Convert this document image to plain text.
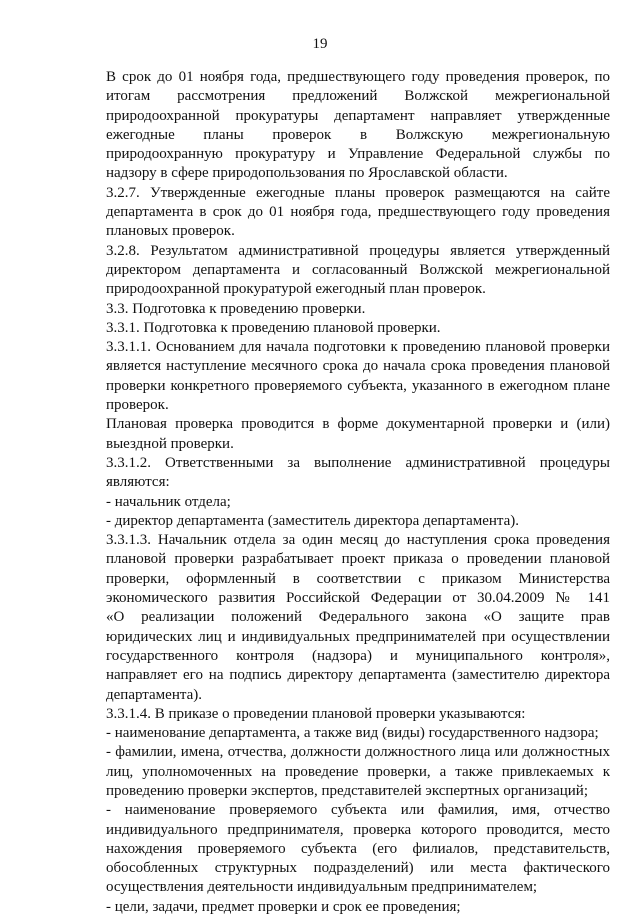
19
В срок до 01 ноября года, предшествующего году проведения проверок, по
итогам рассмотрения предложений Волжской межрегиональной
природоохранной прокуратуры департамент направляет утвержденные
ежегодные планы проверок в Волжскую межрегиональную
природоохранную прокуратуру и Управление Федеральной службы по
надзору в сфере природопользования по Ярославской области.
3.2.7. Утвержденные ежегодные планы проверок размещаются на сайте
департамента в срок до 01 ноября года, предшествующего году проведения
плановых проверок.
3.2.8. Результатом административной процедуры является утвержденный
директором департамента и согласованный Волжской межрегиональной
природоохранной прокуратурой ежегодный план проверок.
3.3. Подготовка к проведению проверки.
3.3.1. Подготовка к проведению плановой проверки.
3.3.1.1. Основанием для начала подготовки к проведению плановой проверки
является наступление месячного срока до начала срока проведения плановой
проверки конкретного проверяемого субъекта, указанного в ежегодном плане
проверок.
Плановая проверка проводится в форме документарной проверки и (или)
выездной проверки.
3.3.1.2. Ответственными за выполнение административной процедуры
являются:
- начальник отдела;
- директор департамента (заместитель директора департамента).
3.3.1.3. Начальник отдела за один месяц до наступления срока проведения
плановой проверки разрабатывает проект приказа о проведении плановой
проверки, оформленный в соответствии с приказом Министерства
экономического развития Российской Федерации от 30.04.2009 № 141
«О реализации положений Федерального закона «О защите прав
юридических лиц и индивидуальных предпринимателей при осуществлении
государственного контроля (надзора) и муниципального контроля»,
направляет его на подпись директору департамента (заместителю директора
департамента).
3.3.1.4. В приказе о проведении плановой проверки указываются:
- наименование департамента, а также вид (виды) государственного надзора;
- фамилии, имена, отчества, должности должностного лица или должностных
лиц, уполномоченных на проведение проверки, а также привлекаемых к
проведению проверки экспертов, представителей экспертных организаций;
- наименование проверяемого субъекта или фамилия, имя, отчество
индивидуального предпринимателя, проверка которого проводится, место
нахождения проверяемого субъекта (его филиалов, представительств,
обособленных структурных подразделений) или места фактического
осуществления деятельности индивидуальным предпринимателем;
- цели, задачи, предмет проверки и срок ее проведения;
